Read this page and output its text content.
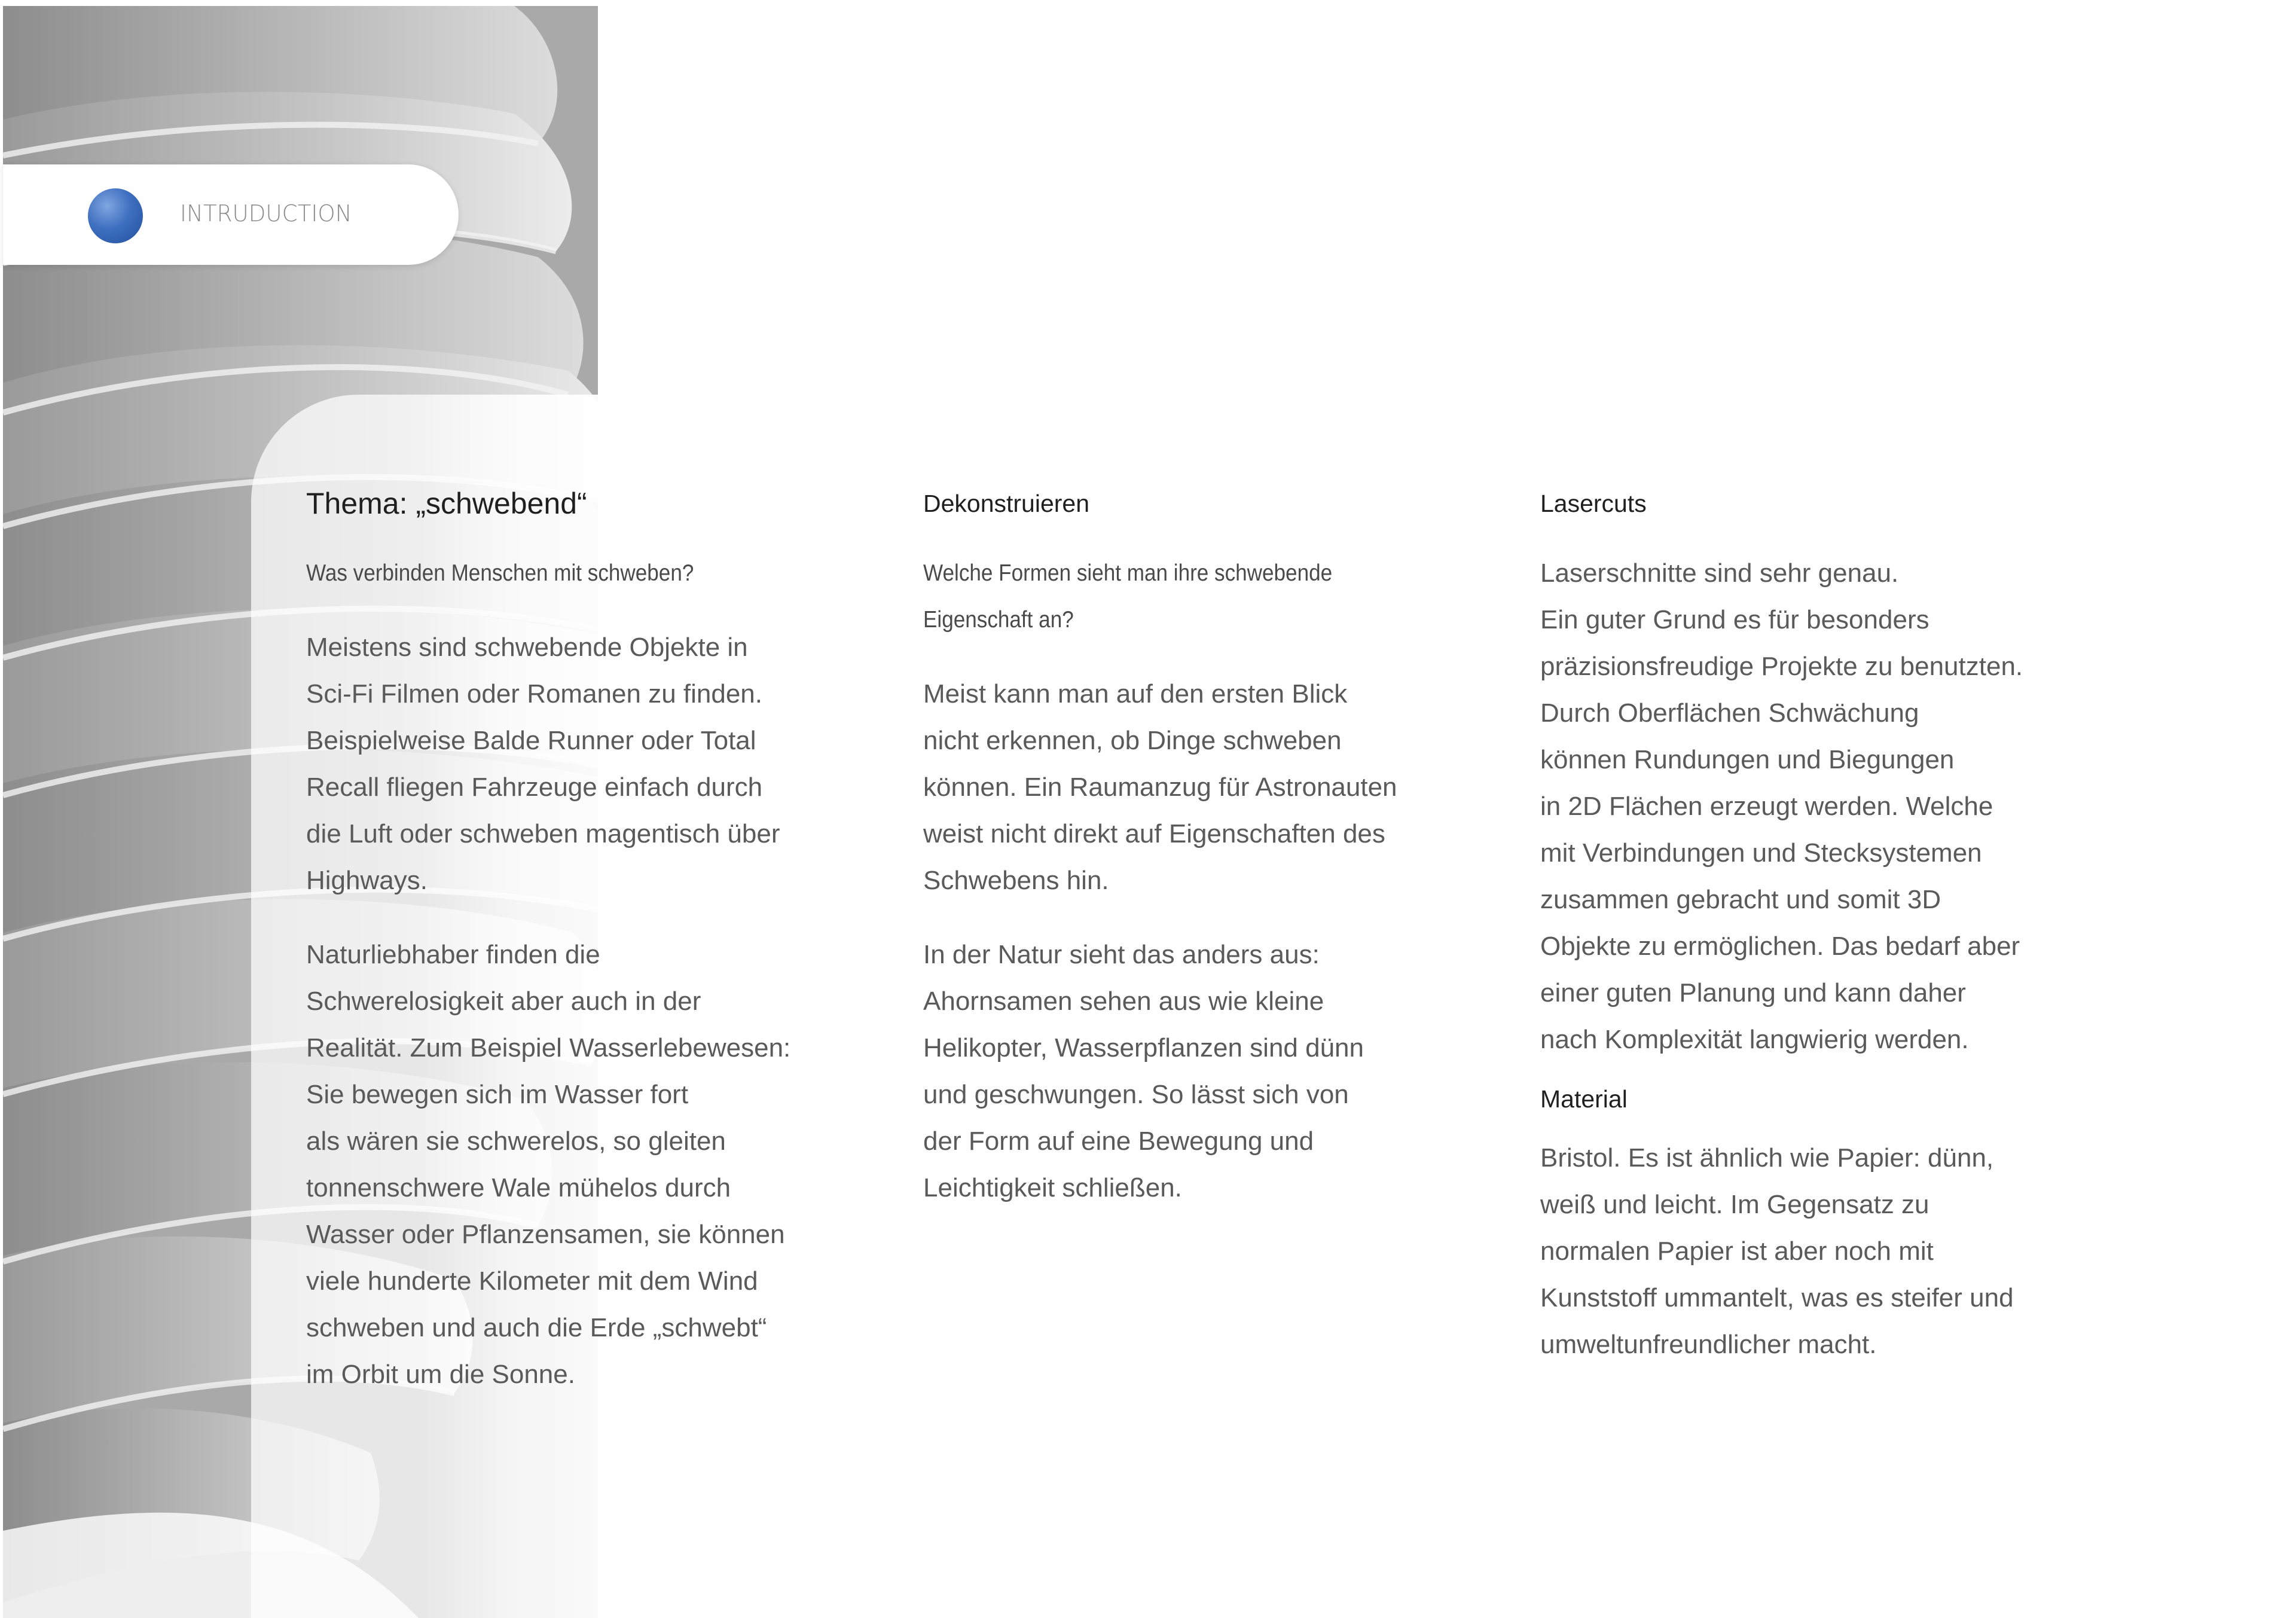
INTRUDUCTION
Thema: „schwebend“
Was verbinden Menschen mit schweben?

Meistens sind schwebende Objekte in
Sci-Fi Filmen oder Romanen zu finden.
Beispielweise Balde Runner oder Total
Recall fliegen Fahrzeuge einfach durch
die Luft oder schweben magentisch über
Highways.

Naturliebhaber finden die
Schwerelosigkeit aber auch in der
Realität. Zum Beispiel Wasserlebewesen:
Sie bewegen sich im Wasser fort
als wären sie schwerelos, so gleiten
tonnenschwere Wale mühelos durch
Wasser oder Pflanzensamen, sie können
viele hunderte Kilometer mit dem Wind
schweben und auch die Erde „schwebt“
im Orbit um die Sonne.

Dekonstruieren
Welche Formen sieht man ihre schwebende
Eigenschaft an?

Meist kann man auf den ersten Blick
nicht erkennen, ob Dinge schweben
können. Ein Raumanzug für Astronauten
weist nicht direkt auf Eigenschaften des
Schwebens hin.

In der Natur sieht das anders aus:
Ahornsamen sehen aus wie kleine
Helikopter, Wasserpflanzen sind dünn
und geschwungen. So lässt sich von
der Form auf eine Bewegung und
Leichtigkeit schließen.

Lasercuts

Laserschnitte sind sehr genau.
Ein guter Grund es für besonders
präzisionsfreudige Projekte zu benutzten.
Durch Oberflächen Schwächung
können Rundungen und Biegungen
in 2D Flächen erzeugt werden. Welche
mit Verbindungen und Stecksystemen
zusammen gebracht und somit 3D
Objekte zu ermöglichen. Das bedarf aber
einer guten Planung und kann daher
nach Komplexität langwierig werden.

Material

Bristol. Es ist ähnlich wie Papier: dünn,
weiß und leicht. Im Gegensatz zu
normalen Papier ist aber noch mit
Kunststoff ummantelt, was es steifer und
umweltunfreundlicher macht.
